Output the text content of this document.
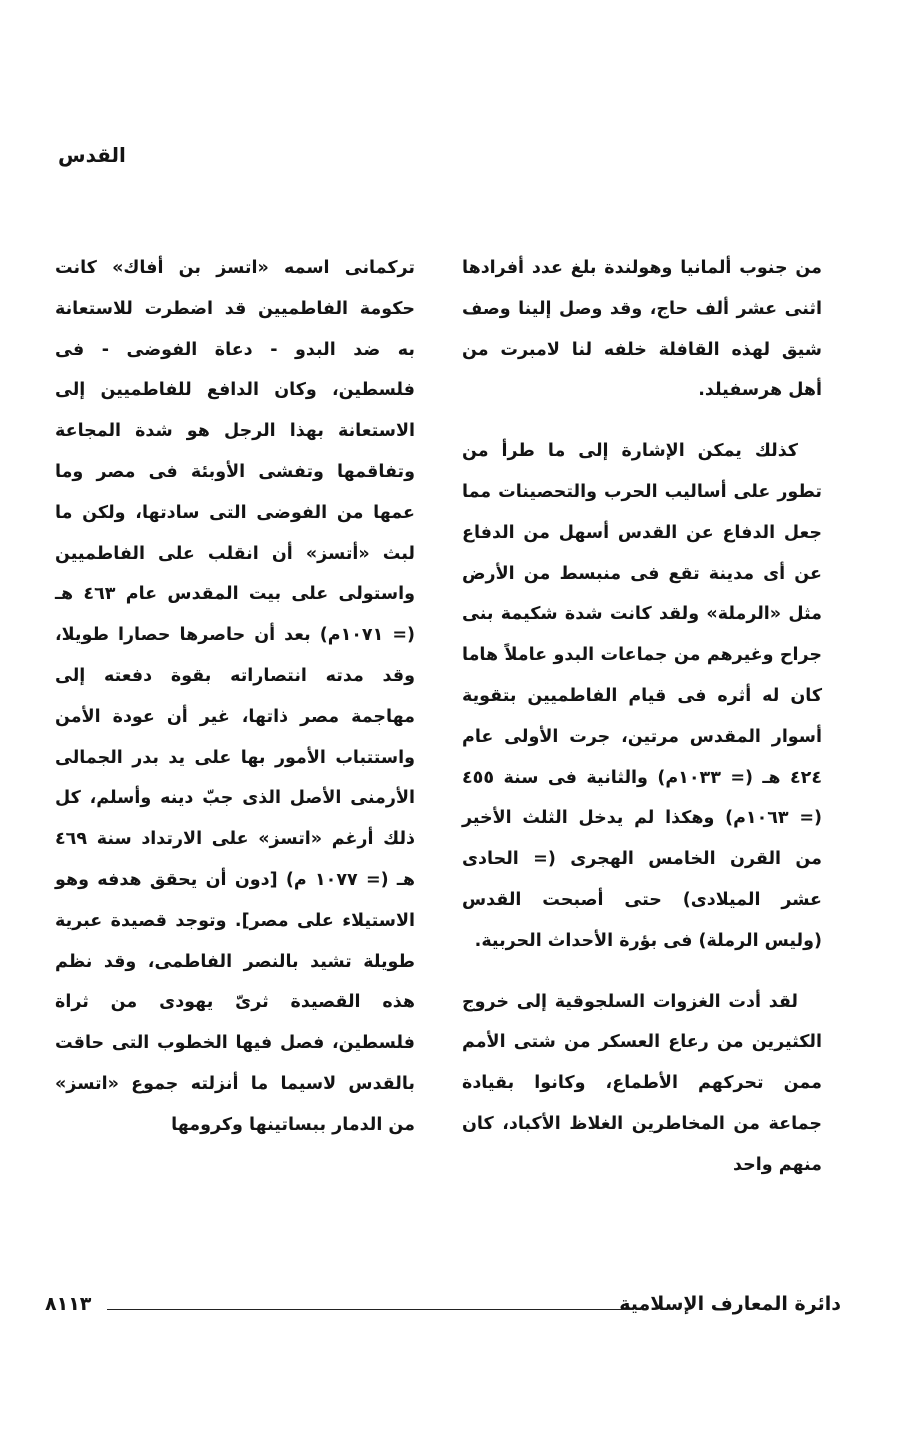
القدس

من جنوب ألمانيا وهولندة بلغ عدد أفرادها اثنى عشر ألف حاج، وقد وصل إلينا وصف شيق لهذه القافلة خلفه لنا لامبرت من أهل هرسفيلد.

كذلك يمكن الإشارة إلى ما طرأ من تطور على أساليب الحرب والتحصينات مما جعل الدفاع عن القدس أسهل من الدفاع عن أى مدينة تقع فى منبسط من الأرض مثل «الرملة» ولقد كانت شدة شكيمة بنى جراح وغيرهم من جماعات البدو عاملاً هاما كان له أثره فى قيام الفاطميين بتقوية أسوار المقدس مرتين، جرت الأولى عام ٤٢٤ هـ (= ١٠٣٣م) والثانية فى سنة ٤٥٥ (= ١٠٦٣م) وهكذا لم يدخل الثلث الأخير من القرن الخامس الهجرى (= الحادى عشر الميلادى) حتى أصبحت القدس (وليس الرملة) فى بؤرة الأحداث الحربية.

لقد أدت الغزوات السلجوقية إلى خروج الكثيرين من رعاع العسكر من شتى الأمم ممن تحركهم الأطماع، وكانوا بقيادة جماعة من المخاطرين الغلاظ الأكباد، كان منهم واحد

تركمانى اسمه «اتسز بن أفاك» كانت حكومة الفاطميين قد اضطرت للاستعانة به ضد البدو - دعاة الفوضى - فى فلسطين، وكان الدافع للفاطميين إلى الاستعانة بهذا الرجل هو شدة المجاعة وتفاقمها وتفشى الأوبئة فى مصر وما عمها من الفوضى التى سادتها، ولكن ما لبث «أتسز» أن انقلب على الفاطميين واستولى على بيت المقدس عام ٤٦٣ هـ (= ١٠٧١م) بعد أن حاصرها حصارا طويلا، وقد مدته انتصاراته بقوة دفعته إلى مهاجمة مصر ذاتها، غير أن عودة الأمن واستتباب الأمور بها على يد بدر الجمالى الأرمنى الأصل الذى جبّ دينه وأسلم، كل ذلك أرغم «اتسز» على الارتداد سنة ٤٦٩ هـ (= ١٠٧٧ م) [دون أن يحقق هدفه وهو الاستيلاء على مصر]. وتوجد قصيدة عبرية طويلة تشيد بالنصر الفاطمى، وقد نظم هذه القصيدة ثرىّ يهودى من ثراة فلسطين، فصل فيها الخطوب التى حاقت بالقدس لاسيما ما أنزلته جموع «اتسز» من الدمار ببساتينها وكرومها

دائرة المعارف الإسلامية
٨١١٣
